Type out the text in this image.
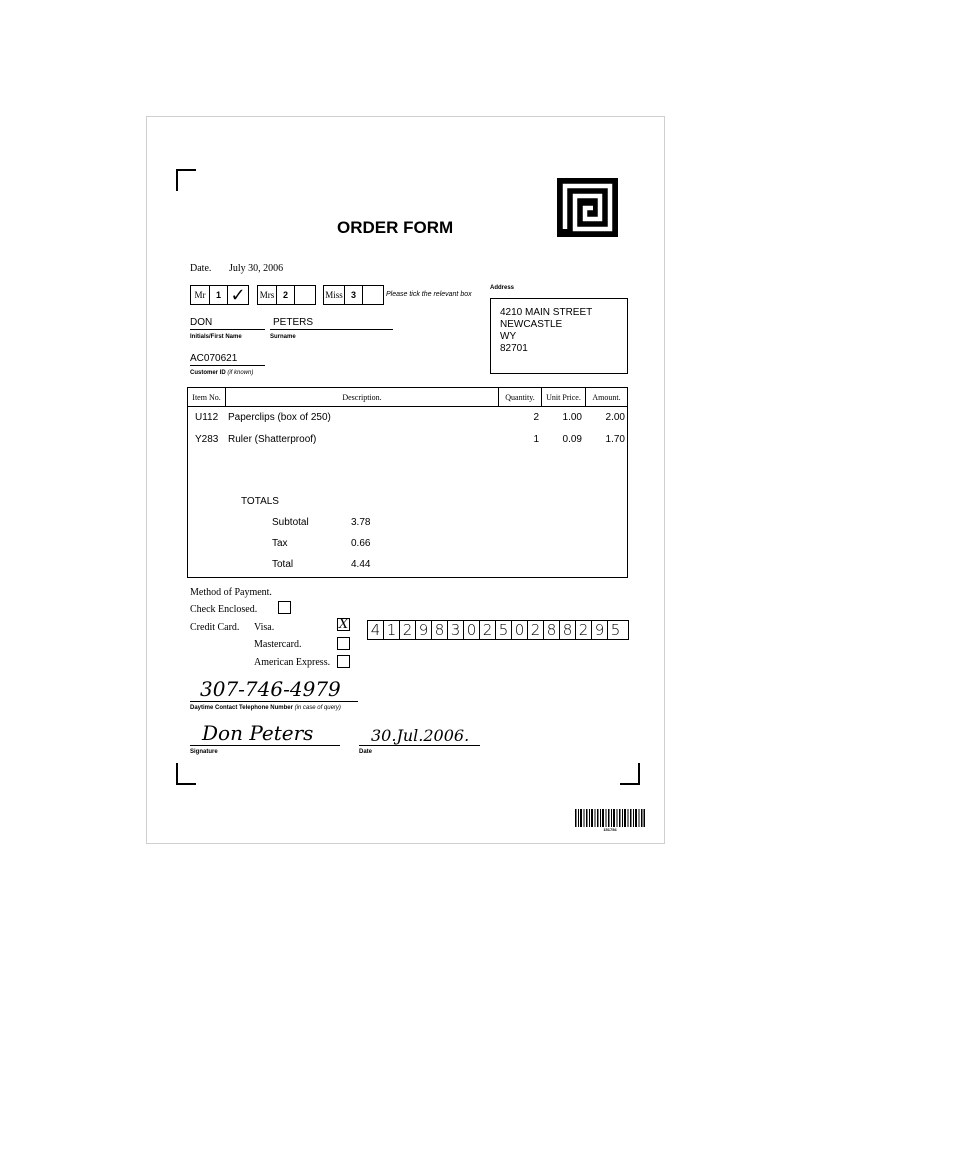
ORDER FORM
Date. July 30, 2006
Mr	1 ✓ Mrs 2	Miss 3	Please tick the relevant box
DON
Initials/First Name
PETERS
Surname
AC070621
Customer ID (if known)
Address
4210 MAIN STREET
NEWCASTLE
WY
82701
Item No.	Description.	Quantity.	Unit Price.	Amount.
U112 Paperclips (box of 250)	2	1.00	2.00
Y283 Ruler (Shatterproof)	1	0.09	1.70
TOTALS
Subtotal	3.78
Tax	0.66
Total	4.44
Method of Payment.
Check Enclosed.
Credit Card. Visa.	X
Mastercard.
American Express.
4 1 2 9 8 3 0 2 5 0 2 8 8 2 9 5
307-746-4979
Daytime Contact Telephone Number (in case of query)
Don Peters
Signature
30.Jul.2006.
Date
151754
